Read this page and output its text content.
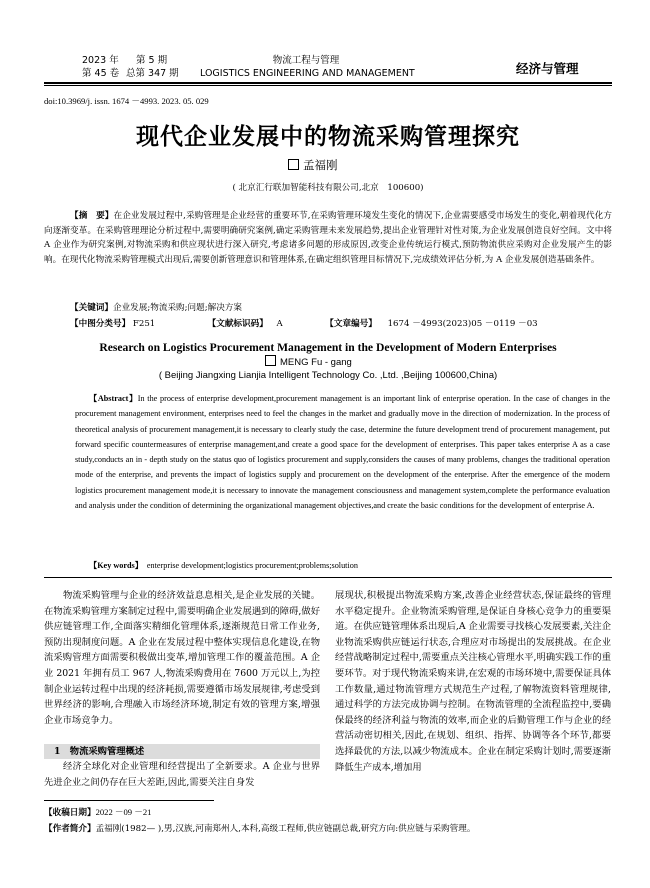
2023 年 第 5 期
第 45 卷 总第 347 期
物流工程与管理
LOGISTICS ENGINEERING AND MANAGEMENT	经济与管理
doi:10.3969/j. issn. 1674 －4993. 2023. 05. 029
现代企业发展中的物流采购管理探究
孟福刚
( 北京汇行联加智能科技有限公司,北京　100600)
【摘　要】在企业发展过程中,采购管理是企业经营的重要环节,在采购管理环境发生变化的情况下,企业需要感受市场发生的变化,朝着现代化方向逐渐变革。在采购管理理论分析过程中,需要明确研究案例,确定采购管理未来发展趋势,提出企业管理针对性对策,为企业发展创造良好空间。文中将 A 企业作为研究案例,对物流采购和供应现状进行深入研究,考虑诸多问题的形成原因,改变企业传统运行模式,预防物流供应采购对企业发展产生的影响。在现代化物流采购管理模式出现后,需要创新管理意识和管理体系,在确定组织管理目标情况下,完成绩效评估分析,为 A 企业发展创造基础条件。
【关键词】企业发展;物流采购;问题;解决方案
【中图分类号】 F251	【文献标识码】 A	【文章编号】 1674 －4993(2023)05 －0119 －03
Research on Logistics Procurement Management in the Development of Modern Enterprises
MENG Fu - gang
( Beijing Jiangxing Lianjia Intelligent Technology Co. ,Ltd. ,Beijing 100600,China)
【Abstract】In the process of enterprise development,procurement management is an important link of enterprise operation. In the case of changes in the procurement management environment, enterprises need to feel the changes in the market and gradually move in the direction of modernization. In the process of theoretical analysis of procurement management,it is necessary to clearly study the case, determine the future development trend of procurement management, put forward specific countermeasures of enterprise management,and create a good space for the development of enterprises. This paper takes enterprise A as a case study,conducts an in - depth study on the status quo of logistics procurement and supply,considers the causes of many problems, changes the traditional operation mode of the enterprise, and prevents the impact of logistics supply and procurement on the development of the enterprise. After the emergence of the modern logistics procurement management mode,it is necessary to innovate the management consciousness and management system,complete the performance evaluation and analysis under the condition of determining the organizational management objectives,and create the basic conditions for the development of enterprise A.
【Key words】 enterprise development;logistics procurement;problems;solution
物流采购管理与企业的经济效益息息相关,是企业发展的关键。在物流采购管理方案制定过程中,需要明确企业发展遇到的障碍,做好供应链管理工作,全面落实精细化管理体系,逐渐规范日常工作业务,预防出现制度问题。A 企业在发展过程中整体实现信息化建设,在物流采购管理方面需要积极做出变革,增加管理工作的覆盖范围。A 企业 2021 年拥有员工 967 人,物流采购费用在 7600 万元以上,为控制企业运转过程中出现的经济耗损,需要遵循市场发展规律,考虑受到世界经济的影响,合理融入市场经济环境,制定有效的管理方案,增强企业市场竞争力。
1　物流采购管理概述
经济全球化对企业管理和经营提出了全新要求。A 企业与世界先进企业之间仍存在巨大差距,因此,需要关注自身发
展现状,积极提出物流采购方案,改善企业经营状态,保证最终的管理水平稳定提升。企业物流采购管理,是保证自身核心竞争力的重要渠道。在供应链管理体系出现后,A 企业需要寻找核心发展要素,关注企业物流采购供应链运行状态,合理应对市场提出的发展挑战。在企业经营战略制定过程中,需要重点关注核心管理水平,明确实践工作的重要环节。对于现代物流采购来讲,在宏观的市场环境中,需要保证具体工作数量,通过物流管理方式规范生产过程,了解物流资料管理规律,通过科学的方法完成协调与控制。在物流管理的全流程监控中,要确保最终的经济利益与物流的效率,而企业的后勤管理工作与企业的经营活动密切相关,因此,在规划、组织、指挥、协调等各个环节,都要选择最优的方法,以减少物流成本。企业在制定采购计划时,需要逐渐降低生产成本,增加用
【收稿日期】2022 －09 －21
【作者简介】孟福刚(1982— ),男,汉族,河南郑州人,本科,高级工程师,供应链副总裁,研究方向:供应链与采购管理。
